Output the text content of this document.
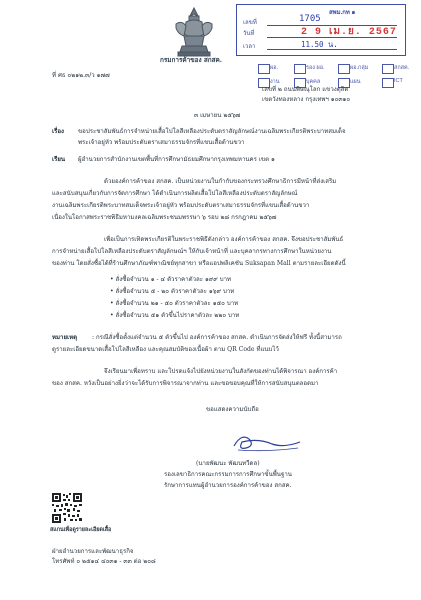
กรมการค้าของ สกสค.
สพม.กท ๑
เลขที่	1705
วันที่	2 9 เม.ย. 2567
เวลา	11.50 น.
ผอ.	รอง ผอ.	ผอ.กลุ่ม	สกสค.
งาน	บุคคล	แผน	ICT
ที่ ศธ ๐๒๑๒.๓/ว ๑๗๗
เลขที่ ๒ ถนนพิษณุโลก แขวงดุสิต
เขตวังทองหลาง กรุงเทพฯ ๑๐๓๑๐
๓ เมษายน ๒๕๖๗
เรื่อง ขอประชาสัมพันธ์การจำหน่ายเสื้อโปโลสีเหลืองประดับตราสัญลักษณ์งานเฉลิมพระเกียรติพระบาทสมเด็จ
พระเจ้าอยู่หัว พร้อมประดับตราเสมาธรรมจักรที่แขนเสื้อด้านขวา
เรียน ผู้อำนวยการสำนักงานเขตพื้นที่การศึกษามัธยมศึกษากรุงเทพมหานคร เขต ๑
ด้วยองค์การค้าของ สกสค. เป็นหน่วยงานในกำกับของกระทรวงศึกษาธิการมีหน้าที่ส่งเสริม
และสนับสนุนเกี่ยวกับการจัดการศึกษา ได้ดำเนินการผลิตเสื้อโปโลสีเหลืองประดับตราสัญลักษณ์
งานเฉลิมพระเกียรติพระบาทสมเด็จพระเจ้าอยู่หัว พร้อมประดับตราเสมาธรรมจักรที่แขนเสื้อด้านขวา
เนื่องในโอกาสพระราชพิธีมหามงคลเฉลิมพระชนมพรรษา ๖ รอบ ๒๘ กรกฎาคม ๒๕๖๗
เพื่อเป็นการเทิดพระเกียรติในพระราชพิธีดังกล่าว องค์การค้าของ สกสค. จึงขอประชาสัมพันธ์
การจำหน่ายเสื้อโปโลสีเหลืองประดับตราสัญลักษณ์ฯ ให้กับเจ้าหน้าที่ และบุคลากรทางการศึกษาในหน่วยงาน
ของท่าน โดยสั่งซื้อได้ที่ร้านศึกษาภัณฑ์พาณิชย์ทุกสาขา หรือแอปพลิเคชัน Suksapan Mall ตามรายละเอียดดังนี้
• สั่งซื้อจำนวน ๑ - ๔ ตัวราคาตัวละ ๑๙๙ บาท
• สั่งซื้อจำนวน ๕ - ๒๐ ตัวราคาตัวละ ๑๖๙ บาท
• สั่งซื้อจำนวน ๒๑ - ๕๐ ตัวราคาตัวละ ๑๕๐ บาท
• สั่งซื้อจำนวน ๕๑ ตัวขึ้นไปราคาตัวละ ๒๒๐ บาท
หมายเหตุ : กรณีสั่งซื้อตั้งแต่จำนวน ๕ ตัวขึ้นไป องค์การค้าของ สกสค. ดำเนินการจัดส่งให้ฟรี ทั้งนี้สามารถ
ดูรายละเอียดขนาดเสื้อโปโลสีเหลือง และคุณสมบัติของเนื้อผ้า ตาม QR Code ที่แนบไว้
จึงเรียนมาเพื่อทราบ และโปรดแจ้งไปยังหน่วยงานในสังกัดของท่านได้พิจารณา องค์การค้า
ของ สกสค. หวังเป็นอย่างยิ่งว่าจะได้รับการพิจารณาจากท่าน และขอขอบคุณที่ให้การสนับสนุนตลอดมา
ขอแสดงความนับถือ
(นายพัฒนะ พัฒนทวีดล)
รองเลขาธิการคณะกรรมการการศึกษาขั้นพื้นฐาน
รักษาการแทนผู้อำนวยการองค์การค้าของ สกสค.
สแกนเพื่อดูรายละเอียดเสื้อ
ฝ่ายอำนวยการและพัฒนาธุรกิจ
โทรศัพท์ ๐ ๒๕๑๔ ๔๐๓๑ - ๓๓ ต่อ ๒๐๘
